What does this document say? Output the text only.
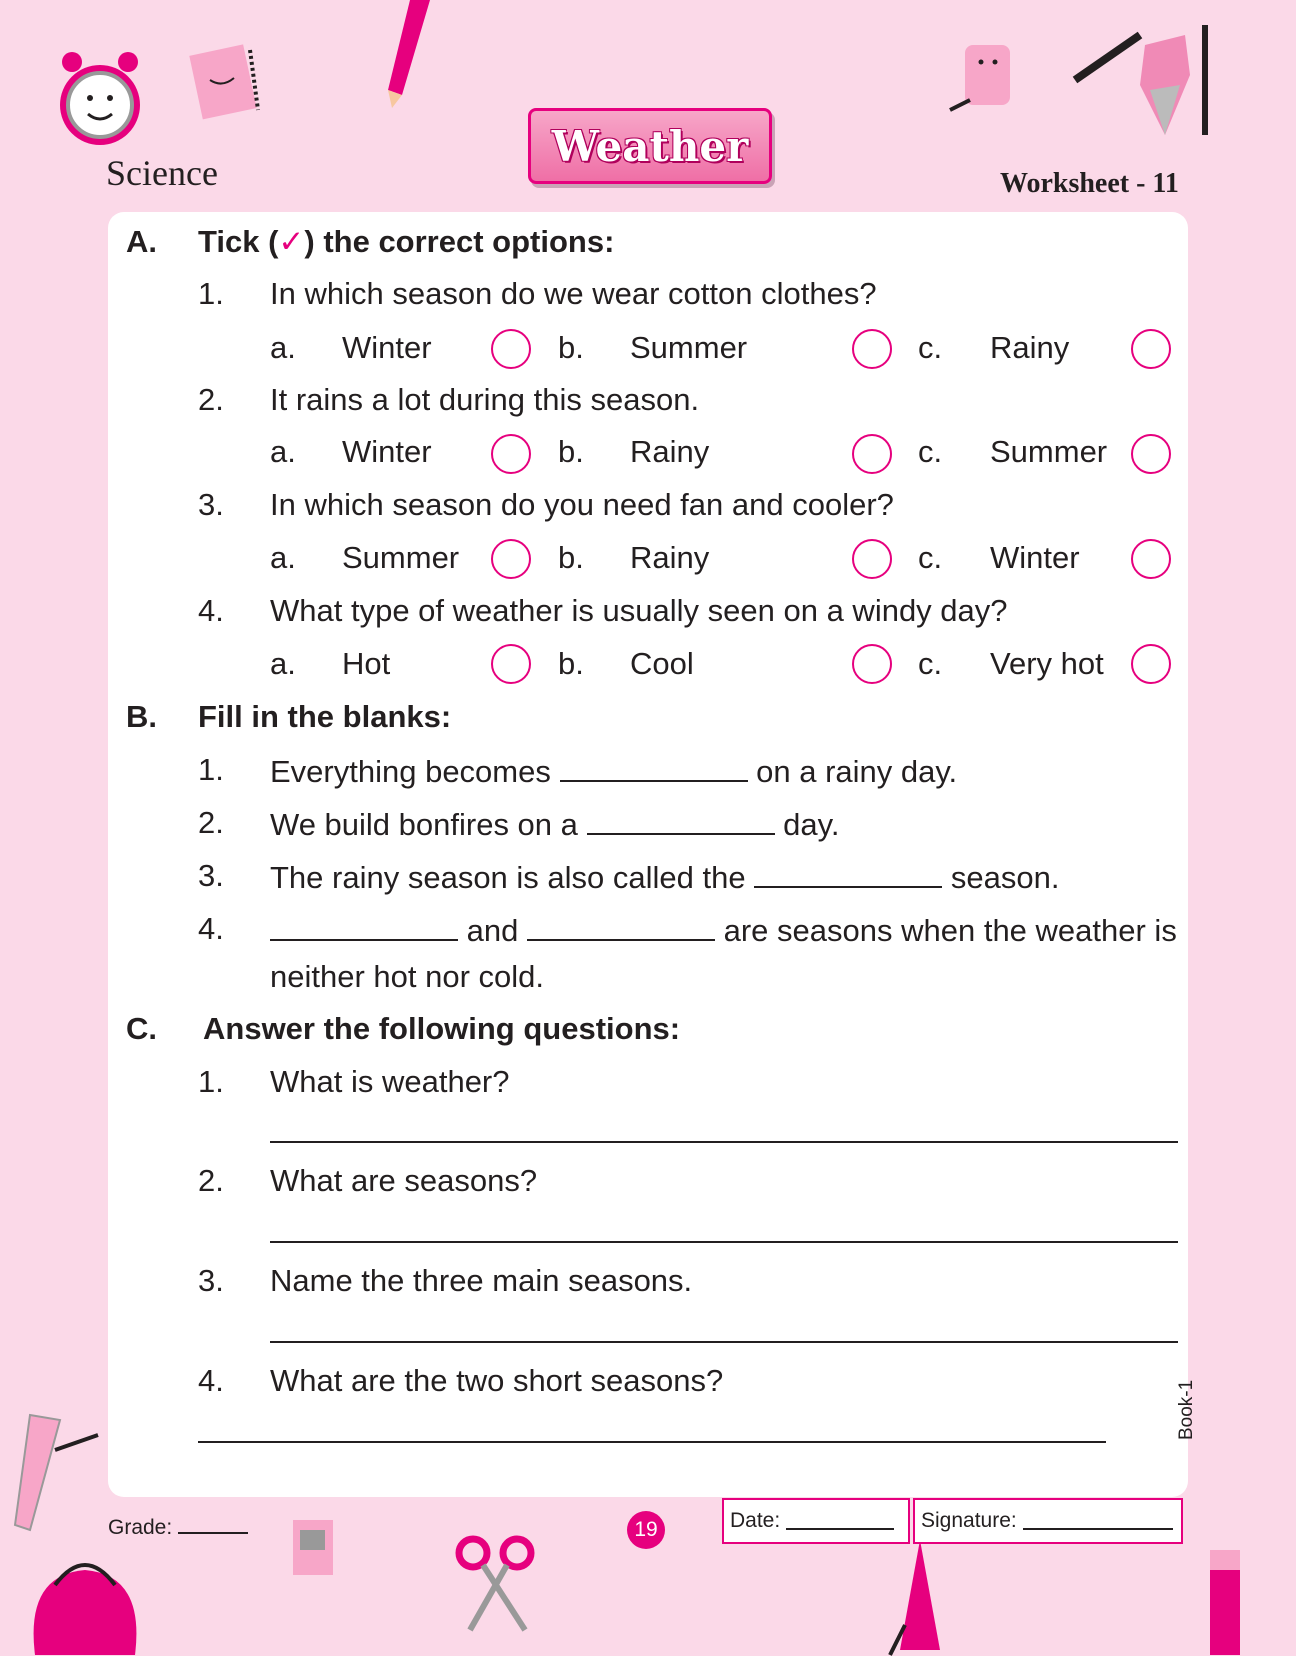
Science
Weather
Worksheet - 11
A. Tick (✓) the correct options:
1. In which season do we wear cotton clothes?
a. Winter	b. Summer	c. Rainy
2. It rains a lot during this season.
a. Winter	b. Rainy	c. Summer
3. In which season do you need fan and cooler?
a. Summer	b. Rainy	c. Winter
4. What type of weather is usually seen on a windy day?
a. Hot	b. Cool	c. Very hot
B. Fill in the blanks:
1. Everything becomes	on a rainy day.
2. We build bonfires on a	day.
3. The rainy season is also called the	season.
4.	and	are seasons when the weather is
neither hot nor cold.
C. Answer the following questions:
1. What is weather?
2. What are seasons?
3. Name the three main seasons.
4. What are the two short seasons?	Book-1
Grade:	19	Date:
	Signature:
